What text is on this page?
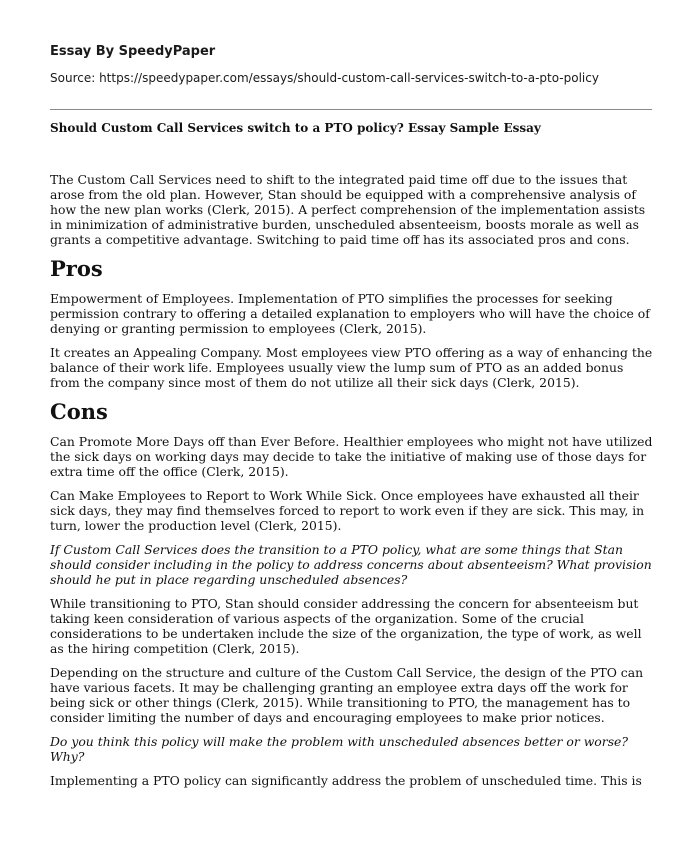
Essay By SpeedyPaper
Source: https://speedypaper.com/essays/should-custom-call-services-switch-to-a-pto-policy
Should Custom Call Services switch to a PTO policy? Essay Sample Essay

The Custom Call Services need to shift to the integrated paid time off due to the issues that arose from the old plan. However, Stan should be equipped with a comprehensive analysis of how the new plan works (Clerk, 2015). A perfect comprehension of the implementation assists in minimization of administrative burden, unscheduled absenteeism, boosts morale as well as grants a competitive advantage. Switching to paid time off has its associated pros and cons.

Pros

Empowerment of Employees. Implementation of PTO simplifies the processes for seeking permission contrary to offering a detailed explanation to employers who will have the choice of denying or granting permission to employees (Clerk, 2015).

It creates an Appealing Company. Most employees view PTO offering as a way of enhancing the balance of their work life. Employees usually view the lump sum of PTO as an added bonus from the company since most of them do not utilize all their sick days (Clerk, 2015).

Cons

Can Promote More Days off than Ever Before. Healthier employees who might not have utilized the sick days on working days may decide to take the initiative of making use of those days for extra time off the office (Clerk, 2015).

Can Make Employees to Report to Work While Sick. Once employees have exhausted all their sick days, they may find themselves forced to report to work even if they are sick. This may, in turn, lower the production level (Clerk, 2015).

If Custom Call Services does the transition to a PTO policy, what are some things that Stan should consider including in the policy to address concerns about absenteeism? What provision should he put in place regarding unscheduled absences?

While transitioning to PTO, Stan should consider addressing the concern for absenteeism but taking keen consideration of various aspects of the organization. Some of the crucial considerations to be undertaken include the size of the organization, the type of work, as well as the hiring competition (Clerk, 2015).

Depending on the structure and culture of the Custom Call Service, the design of the PTO can have various facets. It may be challenging granting an employee extra days off the work for being sick or other things (Clerk, 2015). While transitioning to PTO, the management has to consider limiting the number of days and encouraging employees to make prior notices.

Do you think this policy will make the problem with unscheduled absences better or worse? Why?

Implementing a PTO policy can significantly address the problem of unscheduled time. This is
